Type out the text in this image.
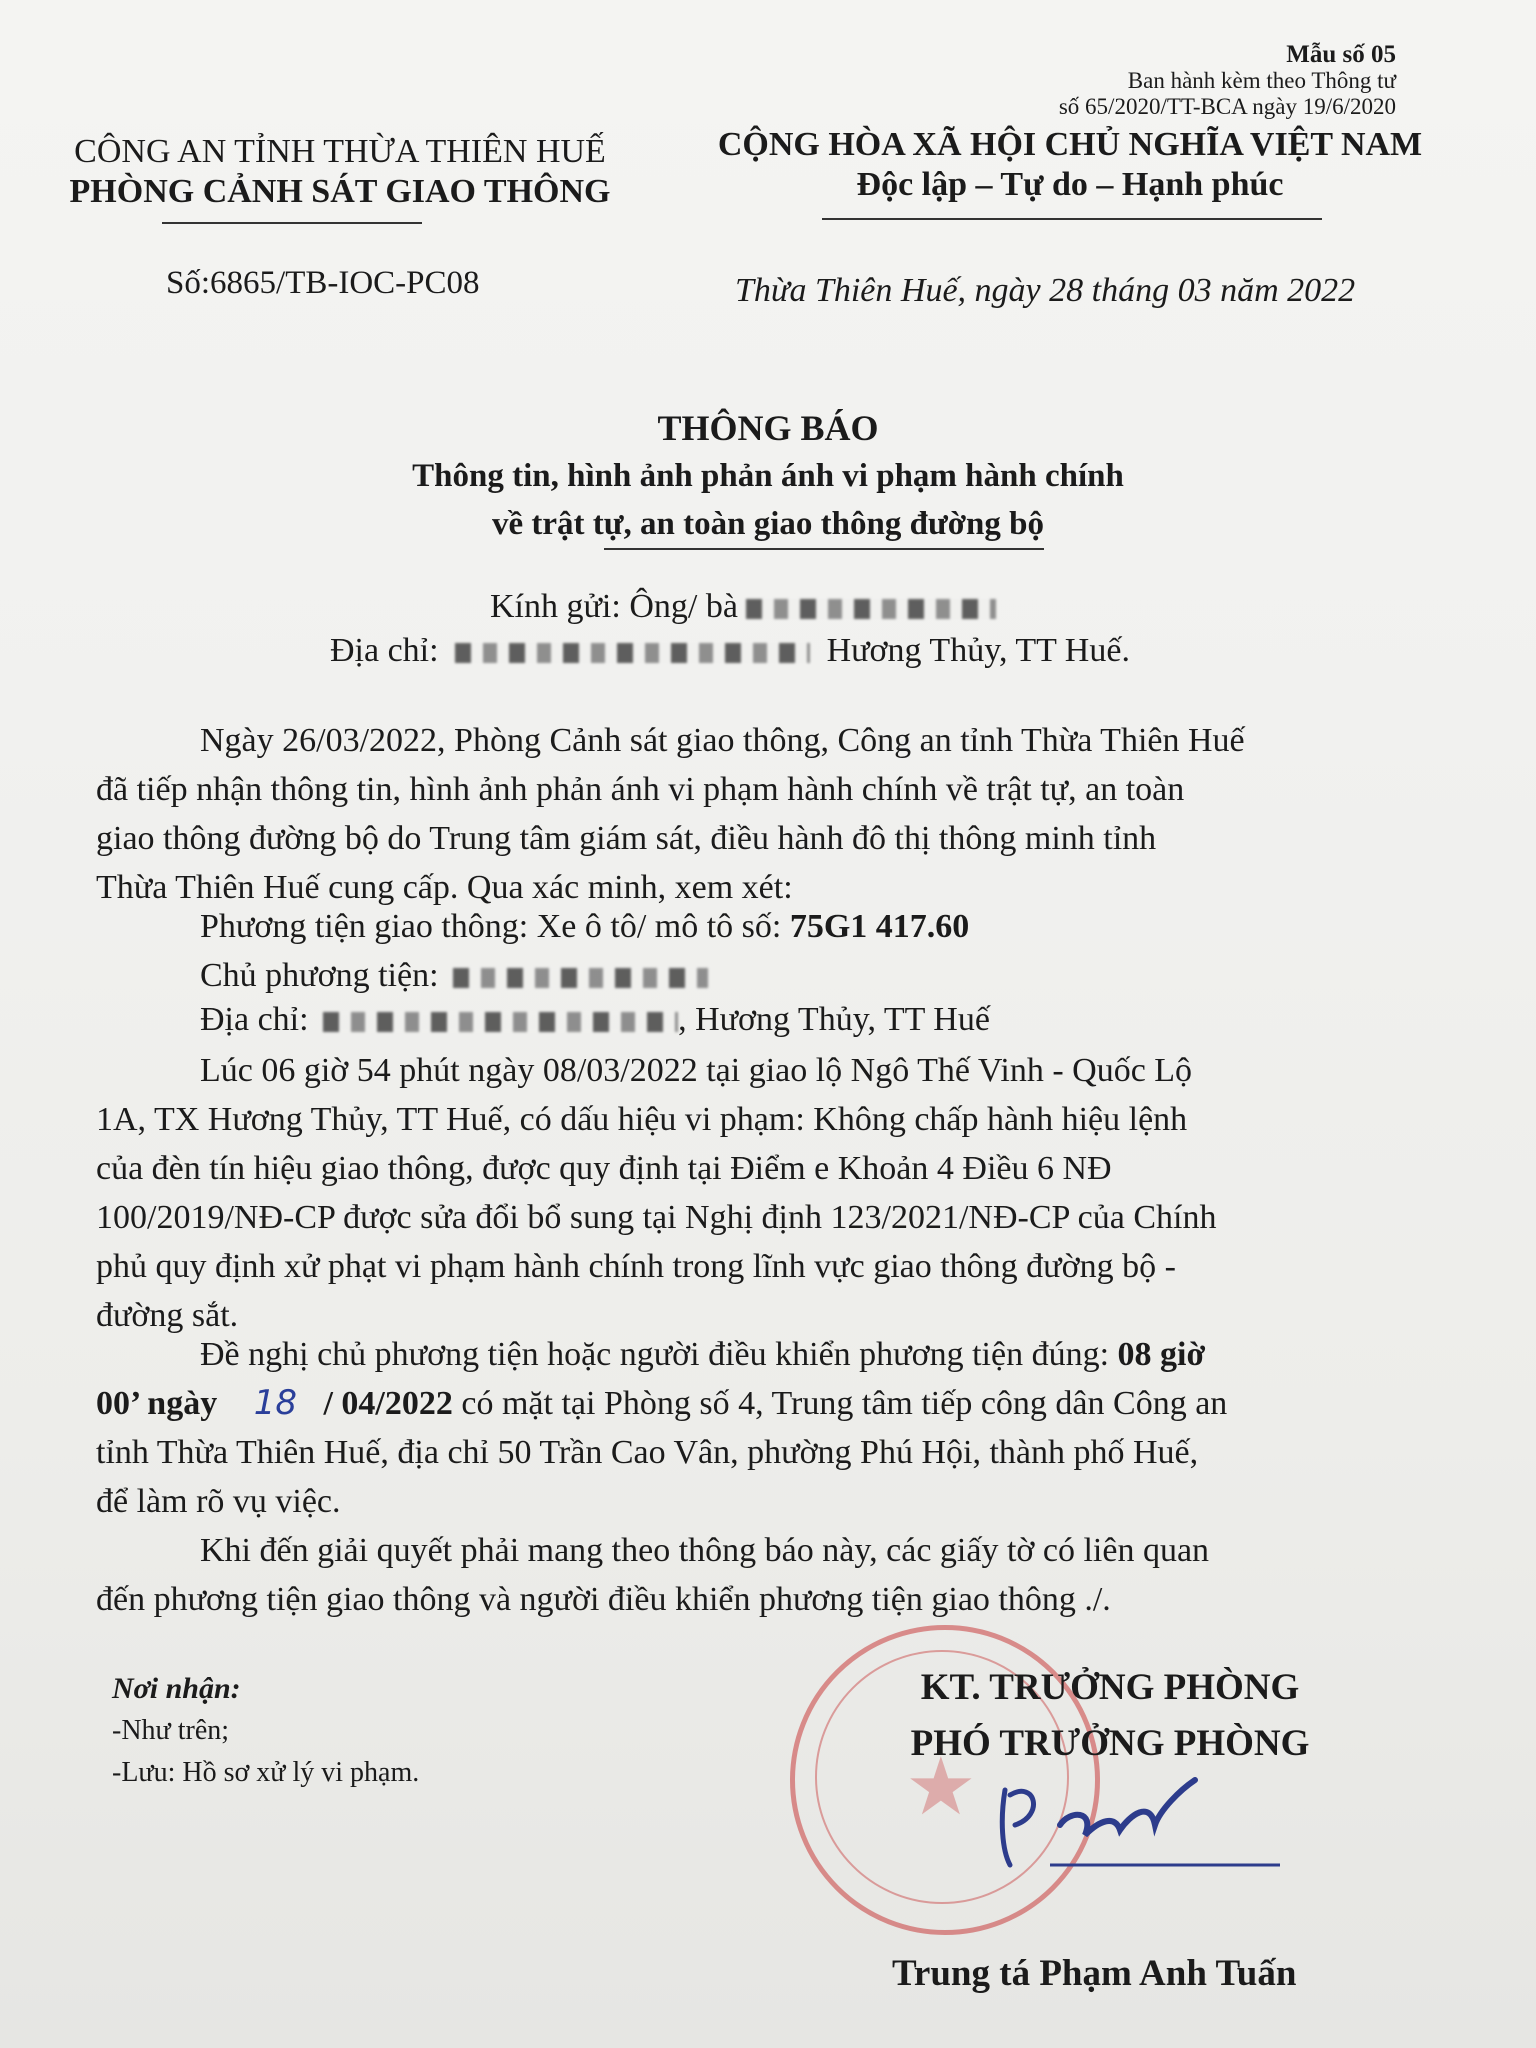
Mẫu số 05
Ban hành kèm theo Thông tư
số 65/2020/TT-BCA ngày 19/6/2020
CÔNG AN TỈNH THỪA THIÊN HUẾ
PHÒNG CẢNH SÁT GIAO THÔNG
Số:6865/TB-IOC-PC08
CỘNG HÒA XÃ HỘI CHỦ NGHĨA VIỆT NAM
Độc lập – Tự do – Hạnh phúc
Thừa Thiên Huế, ngày 28 tháng 03 năm 2022
THÔNG BÁO
Thông tin, hình ảnh phản ánh vi phạm hành chính
về trật tự, an toàn giao thông đường bộ
Kính gửi: Ông/ bà
Địa chỉ:	Hương Thủy, TT Huế.
Ngày 26/03/2022, Phòng Cảnh sát giao thông, Công an tỉnh Thừa Thiên Huế
đã tiếp nhận thông tin, hình ảnh phản ánh vi phạm hành chính về trật tự, an toàn
giao thông đường bộ do Trung tâm giám sát, điều hành đô thị thông minh tỉnh
Thừa Thiên Huế cung cấp. Qua xác minh, xem xét:
Phương tiện giao thông: Xe ô tô/ mô tô số: 75G1 417.60
Chủ phương tiện:
Địa chỉ:	, Hương Thủy, TT Huế
Lúc 06 giờ 54 phút ngày 08/03/2022 tại giao lộ Ngô Thế Vinh - Quốc Lộ
1A, TX Hương Thủy, TT Huế, có dấu hiệu vi phạm: Không chấp hành hiệu lệnh
của đèn tín hiệu giao thông, được quy định tại Điểm e Khoản 4 Điều 6 NĐ
100/2019/NĐ-CP được sửa đổi bổ sung tại Nghị định 123/2021/NĐ-CP của Chính
phủ quy định xử phạt vi phạm hành chính trong lĩnh vực giao thông đường bộ -
đường sắt.
Đề nghị chủ phương tiện hoặc người điều khiển phương tiện đúng: 08 giờ
00’ ngày 18 / 04/2022 có mặt tại Phòng số 4, Trung tâm tiếp công dân Công an
tỉnh Thừa Thiên Huế, địa chỉ 50 Trần Cao Vân, phường Phú Hội, thành phố Huế,
để làm rõ vụ việc.
Khi đến giải quyết phải mang theo thông báo này, các giấy tờ có liên quan
đến phương tiện giao thông và người điều khiển phương tiện giao thông ./.
Nơi nhận:
-Như trên;
-Lưu: Hồ sơ xử lý vi phạm.	★
KT. TRƯỞNG PHÒNG
PHÓ TRƯỞNG PHÒNG
Trung tá Phạm Anh Tuấn
